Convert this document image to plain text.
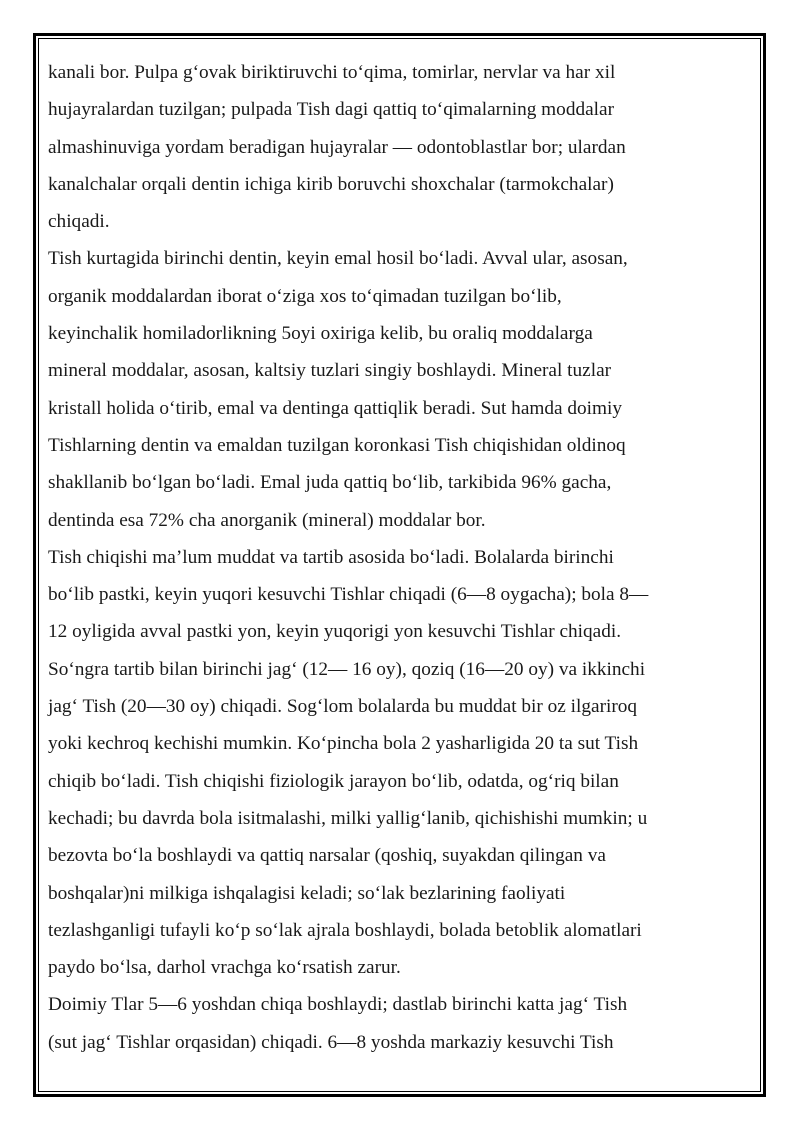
kanali bor. Pulpa g‘ovak biriktiruvchi to‘qima, tomirlar, nervlar va har xil
hujayralardan tuzilgan; pulpada Tish dagi qattiq to‘qimalarning moddalar
almashinuviga yordam beradigan hujayralar — odontoblastlar bor; ulardan
kanalchalar orqali dentin ichiga kirib boruvchi shoxchalar (tarmokchalar)
chiqadi.
Tish kurtagida birinchi dentin, keyin emal hosil bo‘ladi. Avval ular, asosan,
organik moddalardan iborat o‘ziga xos to‘qimadan tuzilgan bo‘lib,
keyinchalik homiladorlikning 5oyi oxiriga kelib, bu oraliq moddalarga
mineral moddalar, asosan, kaltsiy tuzlari singiy boshlaydi. Mineral tuzlar
kristall holida o‘tirib, emal va dentinga qattiqlik beradi. Sut hamda doimiy
Tishlarning dentin va emaldan tuzilgan koronkasi Tish chiqishidan oldinoq
shakllanib bo‘lgan bo‘ladi. Emal juda qattiq bo‘lib, tarkibida 96% gacha,
dentinda esa 72% cha anorganik (mineral) moddalar bor.
Tish chiqishi ma’lum muddat va tartib asosida bo‘ladi. Bolalarda birinchi
bo‘lib pastki, keyin yuqori kesuvchi Tishlar chiqadi (6—8 oygacha); bola 8—
12 oyligida avval pastki yon, keyin yuqorigi yon kesuvchi Tishlar chiqadi.
So‘ngra tartib bilan birinchi jag‘ (12— 16 oy), qoziq (16—20 oy) va ikkinchi
jag‘ Tish (20—30 oy) chiqadi. Sog‘lom bolalarda bu muddat bir oz ilgariroq
yoki kechroq kechishi mumkin. Ko‘pincha bola 2 yasharligida 20 ta sut Tish
chiqib bo‘ladi. Tish chiqishi fiziologik jarayon bo‘lib, odatda, og‘riq bilan
kechadi; bu davrda bola isitmalashi, milki yallig‘lanib, qichishishi mumkin; u
bezovta bo‘la boshlaydi va qattiq narsalar (qoshiq, suyakdan qilingan va
boshqalar)ni milkiga ishqalagisi keladi; so‘lak bezlarining faoliyati
tezlashganligi tufayli ko‘p so‘lak ajrala boshlaydi, bolada betoblik alomatlari
paydo bo‘lsa, darhol vrachga ko‘rsatish zarur.
Doimiy Tlar 5—6 yoshdan chiqa boshlaydi; dastlab birinchi katta jag‘ Tish
(sut jag‘ Tishlar orqasidan) chiqadi. 6—8 yoshda markaziy kesuvchi Tish
